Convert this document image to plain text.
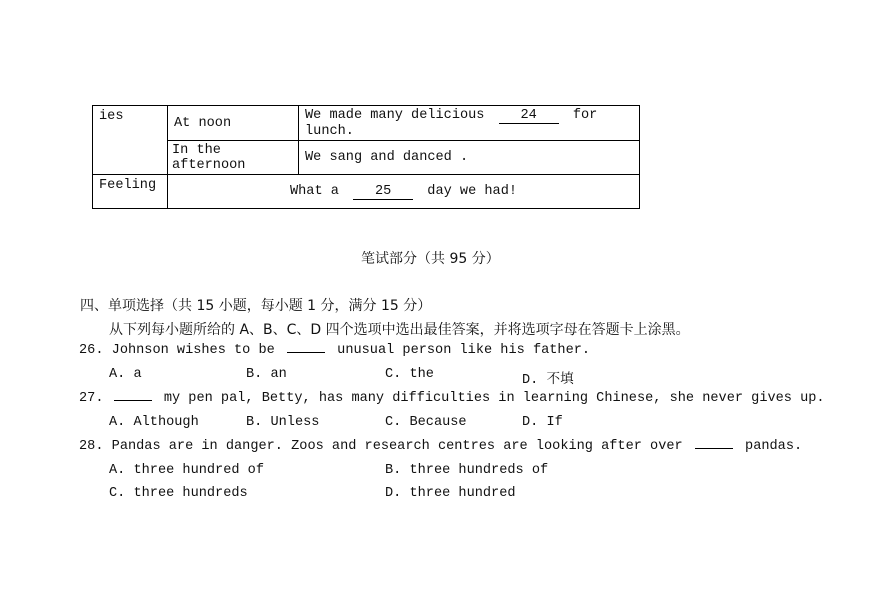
ies	At noon	We made many delicious 24 for lunch.
	In the afternoon	We sang and danced .
Feeling	What a 25 day we had!	
笔试部分（共 95 分）
四、单项选择（共 15 小题，每小题 1 分，满分 15 分）
从下列每小题所给的 A、B、C、D 四个选项中选出最佳答案，并将选项字母在答题卡上涂黑。
26. Johnson wishes to be	unusual person like his father.
A. a	B. an	C. the	D. 不填
27.	my pen pal, Betty, has many difficulties in learning Chinese, she never gives up.
A. Although	B. Unless	C. Because	D. If
28. Pandas are in danger. Zoos and research centres are looking after over	pandas.
A. three hundred of	B. three hundreds of
C. three hundreds	D. three hundred
